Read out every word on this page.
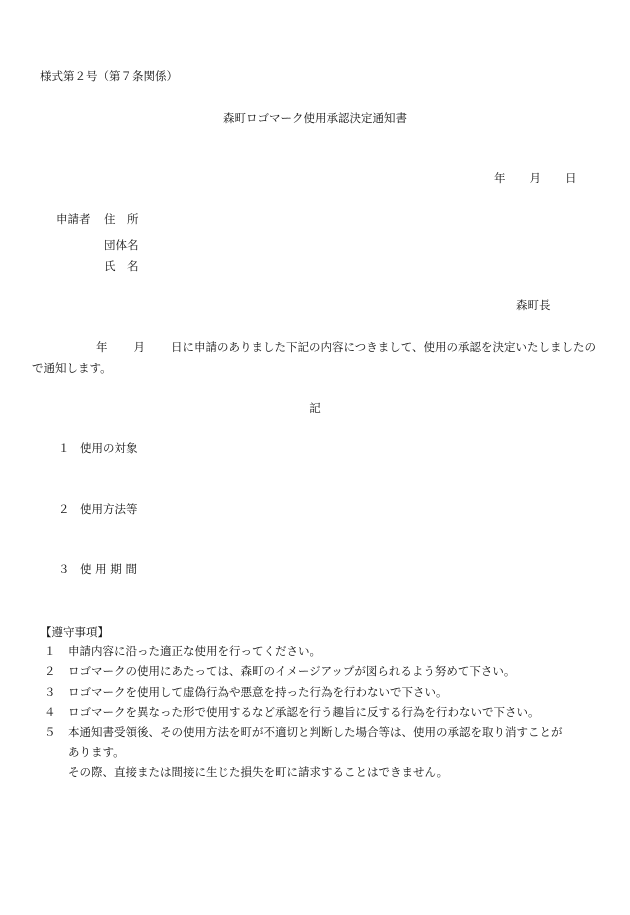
様式第２号（第７条関係）
森町ロゴマーク使用承認決定通知書
年 月 日
申請者 住　所
団体名
氏　名
森町長
年 月 日に申請のありました下記の内容につきまして、使用の承認を決定いたしましたので通知します。
記
１ 使用の対象
２ 使用方法等
３ 使 用 期 間
【遵守事項】
１ 申請内容に沿った適正な使用を行ってください。
２ ロゴマークの使用にあたっては、森町のイメージアップが図られるよう努めて下さい。
３ ロゴマークを使用して虚偽行為や悪意を持った行為を行わないで下さい。
４ ロゴマークを異なった形で使用するなど承認を行う趣旨に反する行為を行わないで下さい。
５ 本通知書受領後、その使用方法を町が不適切と判断した場合等は、使用の承認を取り消すことが
あります。
その際、直接または間接に生じた損失を町に請求することはできません。
